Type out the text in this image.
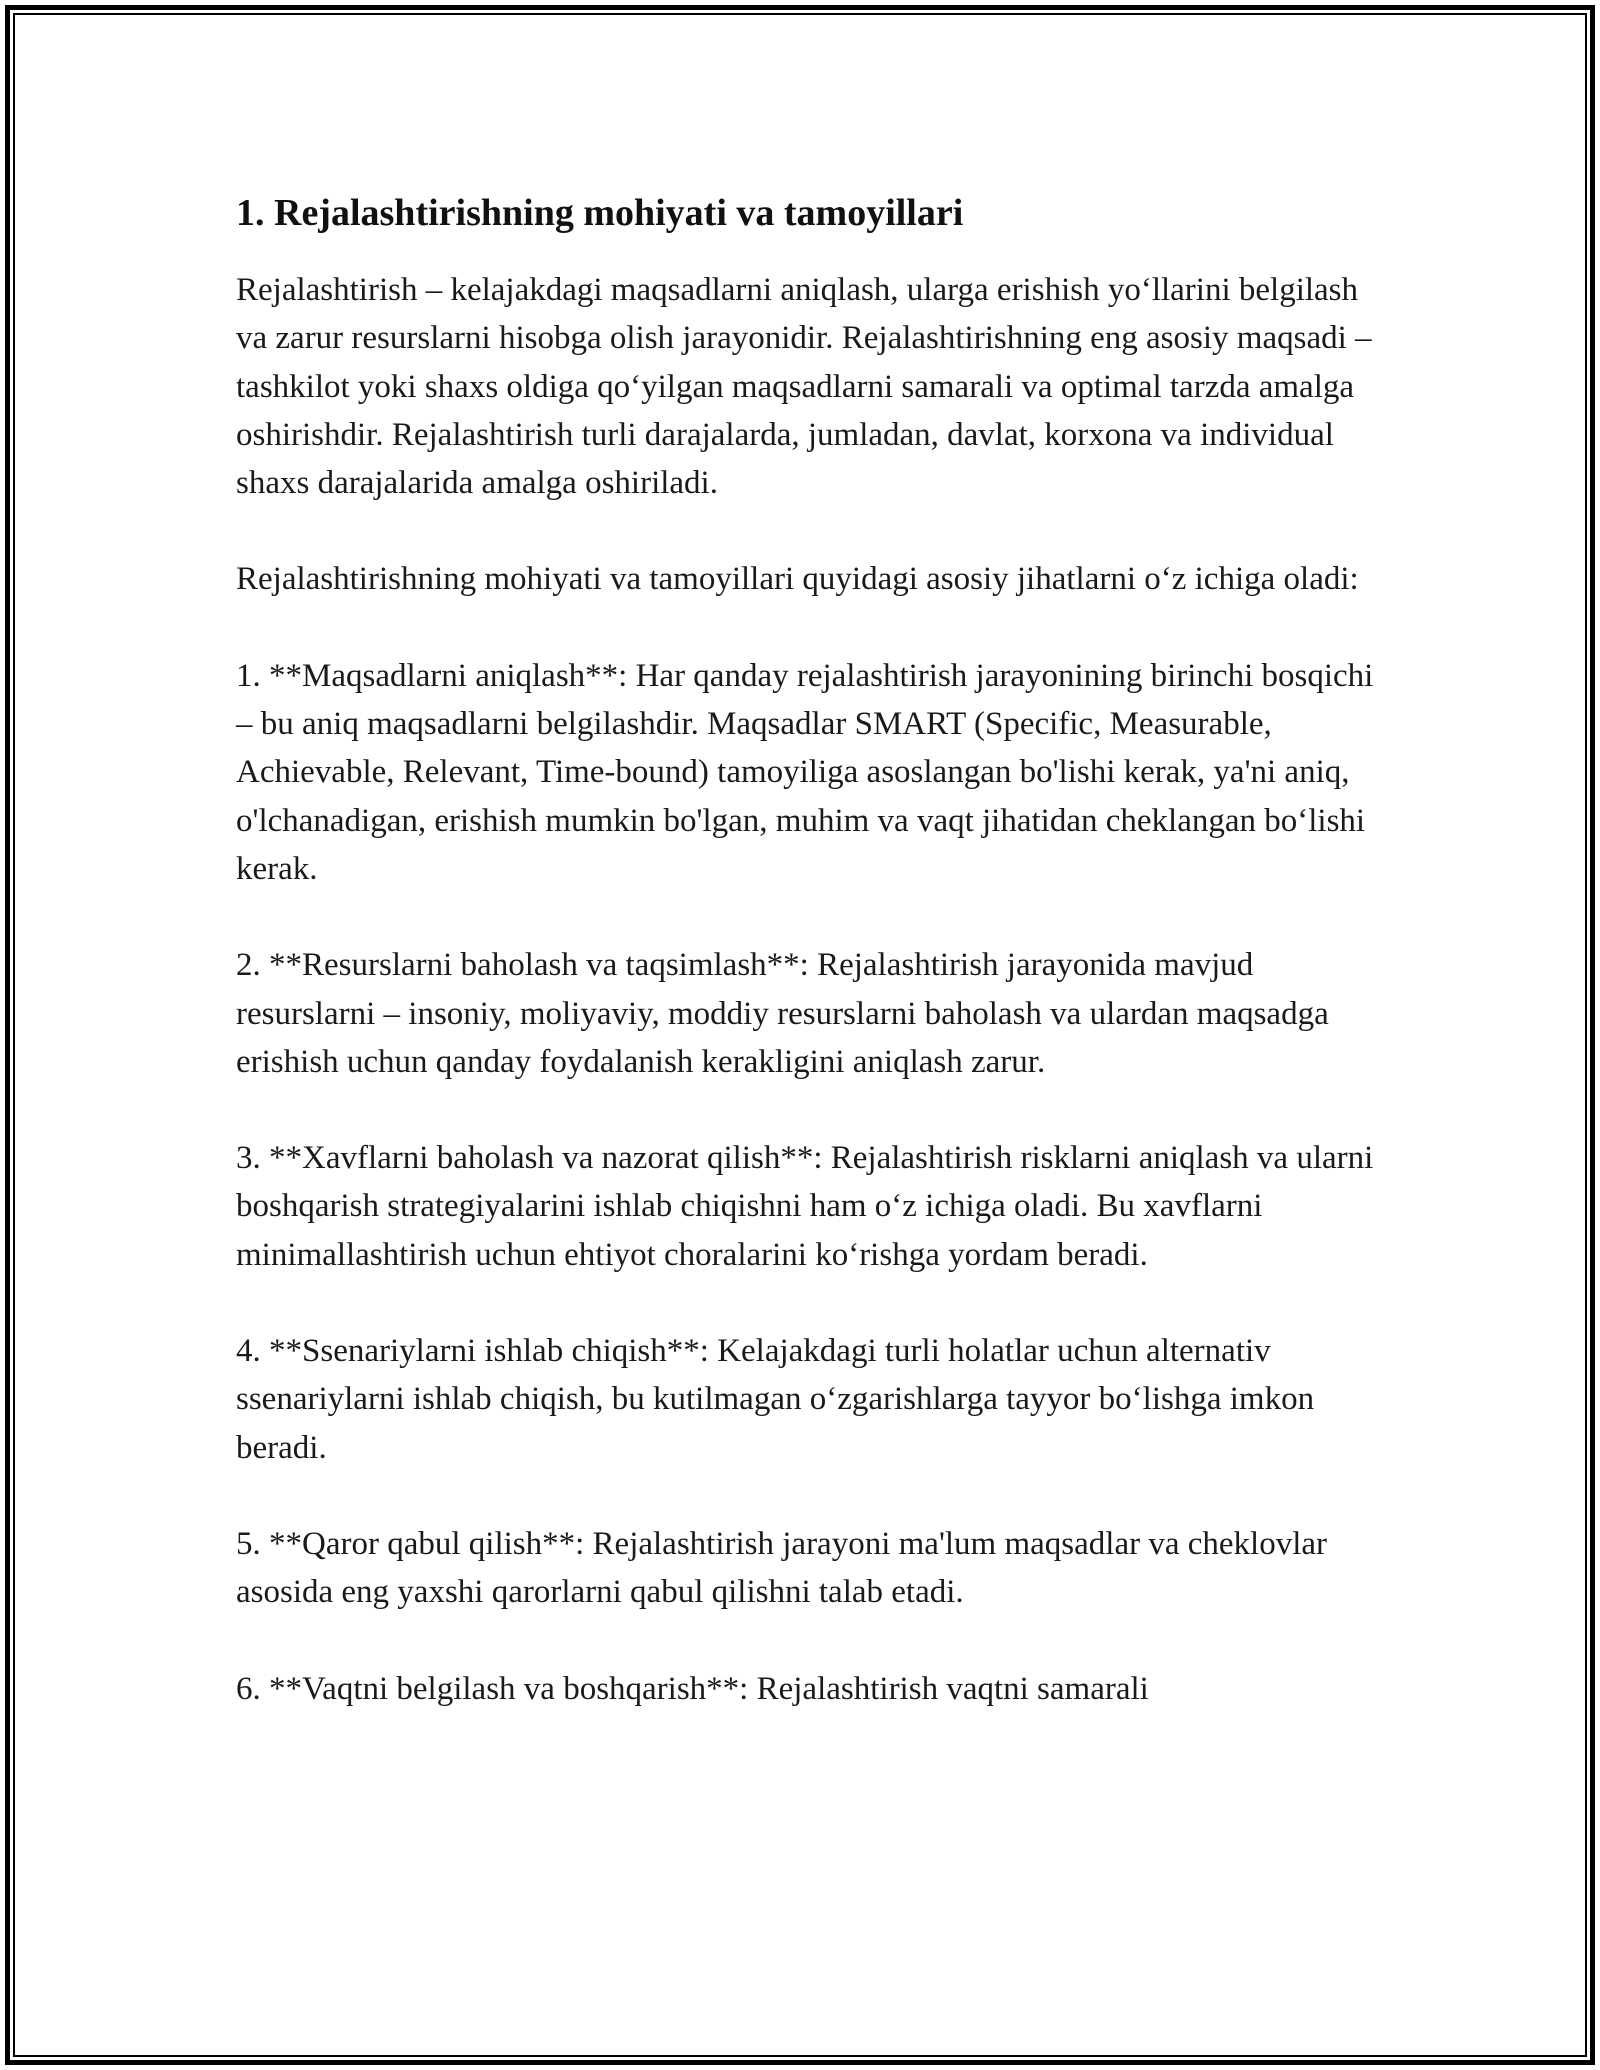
1. Rejalashtirishning mohiyati va tamoyillari

Rejalashtirish – kelajakdagi maqsadlarni aniqlash, ularga erishish yo‘llarini belgilash va zarur resurslarni hisobga olish jarayonidir. Rejalashtirishning eng asosiy maqsadi – tashkilot yoki shaxs oldiga qo‘yilgan maqsadlarni samarali va optimal tarzda amalga oshirishdir. Rejalashtirish turli darajalarda, jumladan, davlat, korxona va individual shaxs darajalarida amalga oshiriladi.

Rejalashtirishning mohiyati va tamoyillari quyidagi asosiy jihatlarni o‘z ichiga oladi:

1. **Maqsadlarni aniqlash**: Har qanday rejalashtirish jarayonining birinchi bosqichi – bu aniq maqsadlarni belgilashdir. Maqsadlar SMART (Specific, Measurable, Achievable, Relevant, Time-bound) tamoyiliga asoslangan bo'lishi kerak, ya'ni aniq, o'lchanadigan, erishish mumkin bo'lgan, muhim va vaqt jihatidan cheklangan bo‘lishi kerak.

2. **Resurslarni baholash va taqsimlash**: Rejalashtirish jarayonida mavjud resurslarni – insoniy, moliyaviy, moddiy resurslarni baholash va ulardan maqsadga erishish uchun qanday foydalanish kerakligini aniqlash zarur.

3. **Xavflarni baholash va nazorat qilish**: Rejalashtirish risklarni aniqlash va ularni boshqarish strategiyalarini ishlab chiqishni ham o‘z ichiga oladi. Bu xavflarni minimallashtirish uchun ehtiyot choralarini ko‘rishga yordam beradi.

4. **Ssenariylarni ishlab chiqish**: Kelajakdagi turli holatlar uchun alternativ ssenariylarni ishlab chiqish, bu kutilmagan o‘zgarishlarga tayyor bo‘lishga imkon beradi.

5. **Qaror qabul qilish**: Rejalashtirish jarayoni ma'lum maqsadlar va cheklovlar asosida eng yaxshi qarorlarni qabul qilishni talab etadi.

6. **Vaqtni belgilash va boshqarish**: Rejalashtirish vaqtni samarali
